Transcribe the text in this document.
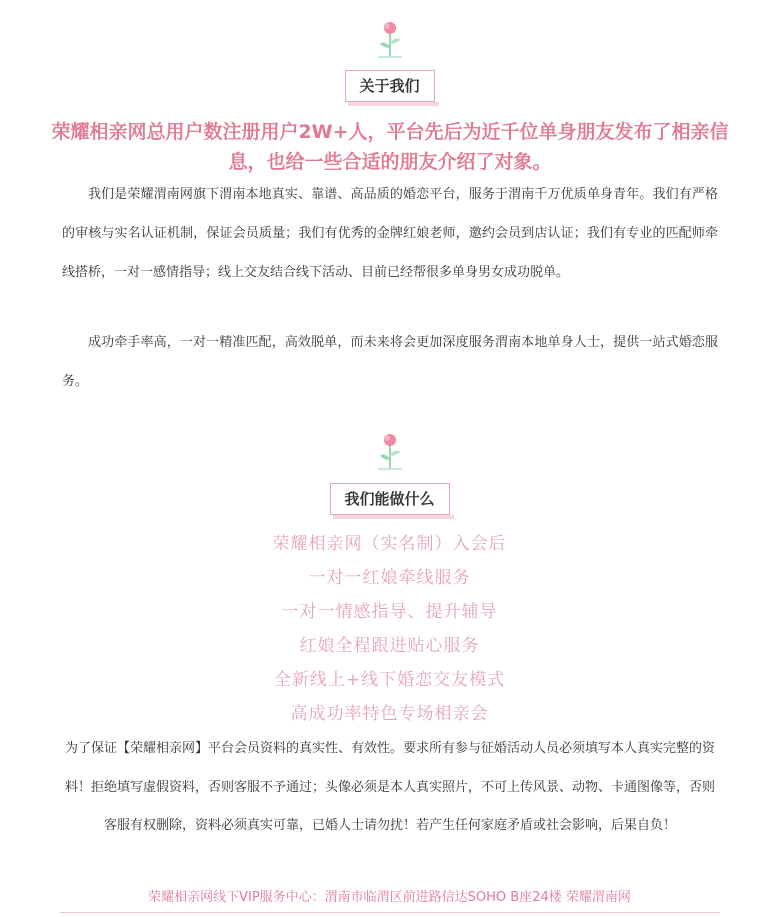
关于我们
荣耀相亲网总用户数注册用户2W+人，平台先后为近千位单身朋友发布了相亲信息，也给一些合适的朋友介绍了对象。

我们是荣耀渭南网旗下渭南本地真实、靠谱、高品质的婚恋平台，服务于渭南千万优质单身青年。我们有严格的审核与实名认证机制，保证会员质量；我们有优秀的金牌红娘老师，邀约会员到店认证；我们有专业的匹配师牵线搭桥，一对一感情指导；线上交友结合线下活动、目前已经帮很多单身男女成功脱单。

成功牵手率高，一对一精准匹配，高效脱单，而未来将会更加深度服务渭南本地单身人士，提供一站式婚恋服务。

我们能做什么
荣耀相亲网（实名制）入会后
一对一红娘牵线服务
一对一情感指导、提升辅导
红娘全程跟进贴心服务
全新线上+线下婚恋交友模式
高成功率特色专场相亲会
为了保证【荣耀相亲网】平台会员资料的真实性、有效性。要求所有参与征婚活动人员必须填写本人真实完整的资料！拒绝填写虚假资料，否则客服不予通过；头像必须是本人真实照片，不可上传风景、动物、卡通图像等，否则客服有权删除，资料必须真实可靠，已婚人士请勿扰！若产生任何家庭矛盾或社会影响，后果自负！
荣耀相亲网线下VIP服务中心：渭南市临渭区前进路信达SOHO B座24楼 荣耀渭南网
